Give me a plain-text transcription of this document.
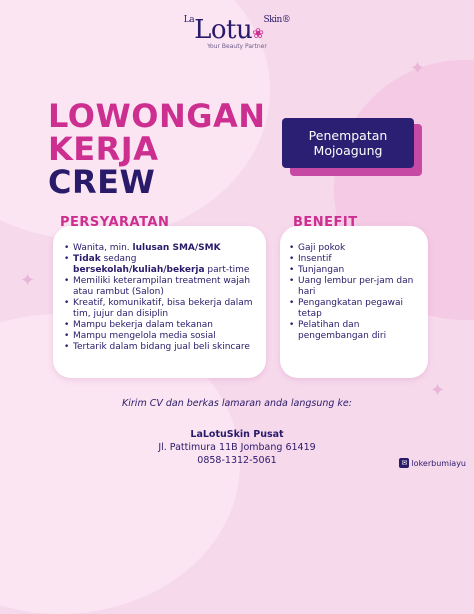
✦
✦
✦
$^{La}$Lotu❀$^{Skin®}$
Your Beauty Partner
LOWONGAN
KERJA
CREW
Penempatan
Mojoagung
PERSYARATAN	BENEFIT
• Wanita, min. lulusan SMA/SMK
• Tidak sedang bersekolah/kuliah/bekerja part-time
• Memiliki keterampilan treatment wajah atau rambut (Salon)
• Kreatif, komunikatif, bisa bekerja dalam tim, jujur dan disiplin
• Mampu bekerja dalam tekanan
• Mampu mengelola media sosial
• Tertarik dalam bidang jual beli skincare
• Gaji pokok
• Insentif
• Tunjangan
• Uang lembur per-jam dan hari
• Pengangkatan pegawai tetap
• Pelatihan dan pengembangan diri
Kirim CV dan berkas lamaran anda langsung ke:
LaLotuSkin Pusat
Jl. Pattimura 11B Jombang 61419
0858-1312-5061	✉ lokerbumiayu
